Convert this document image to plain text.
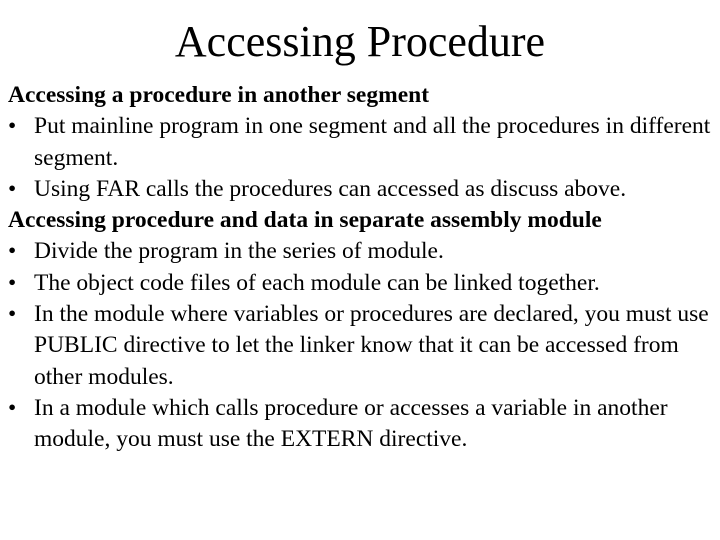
Accessing Procedure
Accessing a procedure in another segment
• Put mainline program in one segment and all the procedures in different segment.
• Using FAR calls the procedures can accessed as discuss above.
Accessing procedure and data in separate assembly module
• Divide the program in the series of module.
• The object code files of each module can be linked together.
• In the module where variables or procedures are declared, you must use PUBLIC directive to let the linker know that it can be accessed from other modules.
• In a module which calls procedure or accesses a variable in another module, you must use the EXTERN directive.
